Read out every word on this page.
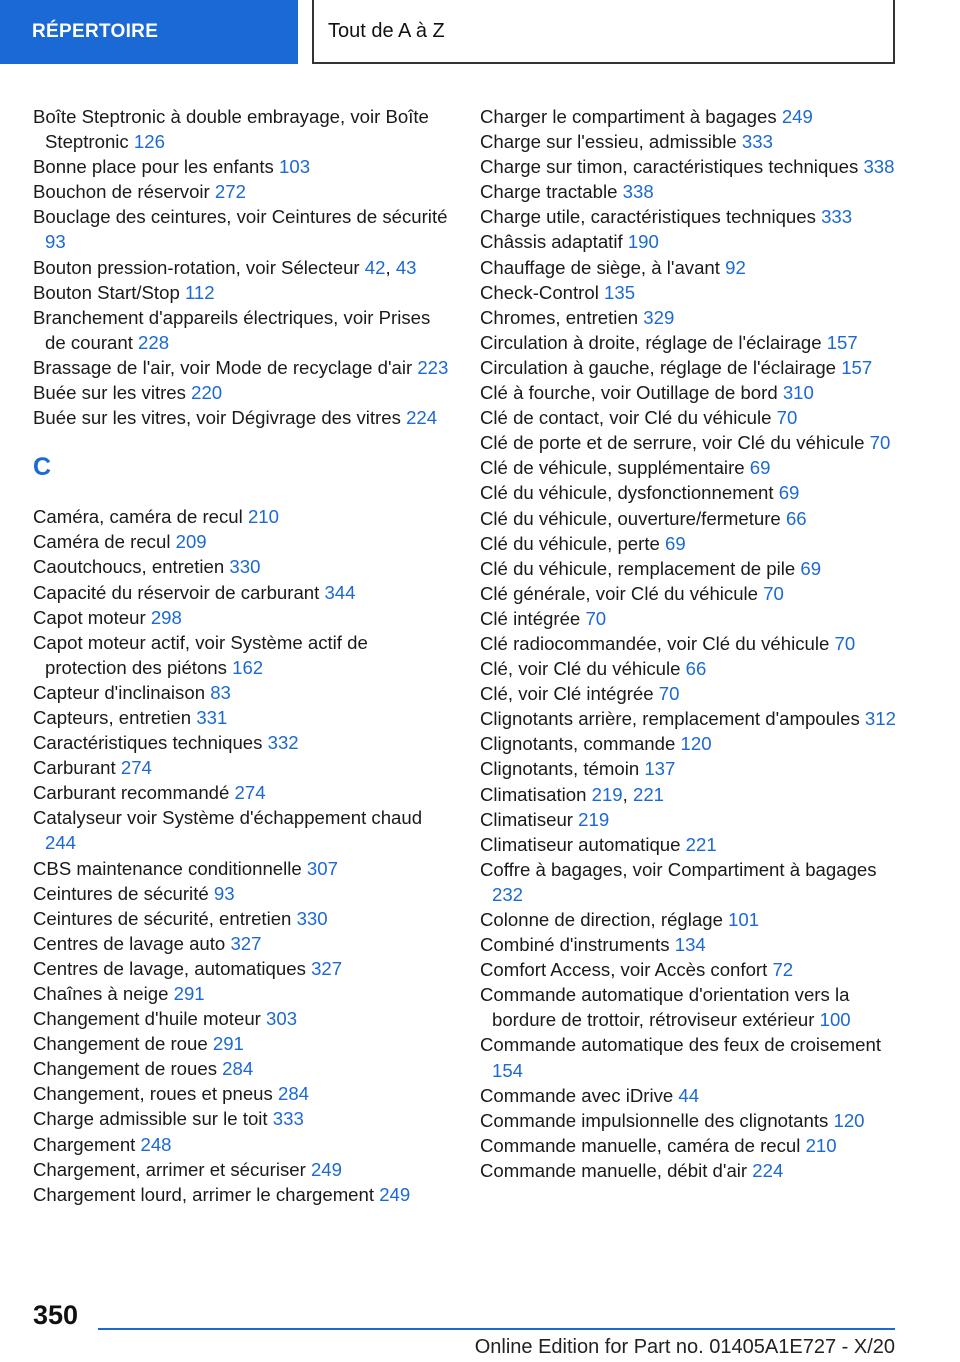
RÉPERTOIRE	Tout de A à Z
Boîte Steptronic à double embrayage, voir Boîte Steptronic 126
Bonne place pour les enfants 103
Bouchon de réservoir 272
Bouclage des ceintures, voir Ceintures de sécurité 93
Bouton pression-rotation, voir Sélecteur 42, 43
Bouton Start/Stop 112
Branchement d'appareils électriques, voir Prises de courant 228
Brassage de l'air, voir Mode de recyclage d'air 223
Buée sur les vitres 220
Buée sur les vitres, voir Dégivrage des vitres 224
C
Caméra, caméra de recul 210
Caméra de recul 209
Caoutchoucs, entretien 330
Capacité du réservoir de carburant 344
Capot moteur 298
Capot moteur actif, voir Système actif de protection des piétons 162
Capteur d'inclinaison 83
Capteurs, entretien 331
Caractéristiques techniques 332
Carburant 274
Carburant recommandé 274
Catalyseur voir Système d'échappement chaud 244
CBS maintenance conditionnelle 307
Ceintures de sécurité 93
Ceintures de sécurité, entretien 330
Centres de lavage auto 327
Centres de lavage, automatiques 327
Chaînes à neige 291
Changement d'huile moteur 303
Changement de roue 291
Changement de roues 284
Changement, roues et pneus 284
Charge admissible sur le toit 333
Chargement 248
Chargement, arrimer et sécuriser 249
Chargement lourd, arrimer le chargement 249
Charger le compartiment à bagages 249
Charge sur l'essieu, admissible 333
Charge sur timon, caractéristiques techniques 338
Charge tractable 338
Charge utile, caractéristiques techniques 333
Châssis adaptatif 190
Chauffage de siège, à l'avant 92
Check-Control 135
Chromes, entretien 329
Circulation à droite, réglage de l'éclairage 157
Circulation à gauche, réglage de l'éclairage 157
Clé à fourche, voir Outillage de bord 310
Clé de contact, voir Clé du véhicule 70
Clé de porte et de serrure, voir Clé du véhicule 70
Clé de véhicule, supplémentaire 69
Clé du véhicule, dysfonctionnement 69
Clé du véhicule, ouverture/fermeture 66
Clé du véhicule, perte 69
Clé du véhicule, remplacement de pile 69
Clé générale, voir Clé du véhicule 70
Clé intégrée 70
Clé radiocommandée, voir Clé du véhicule 70
Clé, voir Clé du véhicule 66
Clé, voir Clé intégrée 70
Clignotants arrière, remplacement d'ampoules 312
Clignotants, commande 120
Clignotants, témoin 137
Climatisation 219, 221
Climatiseur 219
Climatiseur automatique 221
Coffre à bagages, voir Compartiment à bagages 232
Colonne de direction, réglage 101
Combiné d'instruments 134
Comfort Access, voir Accès confort 72
Commande automatique d'orientation vers la bordure de trottoir, rétroviseur extérieur 100
Commande automatique des feux de croisement 154
Commande avec iDrive 44
Commande impulsionnelle des clignotants 120
Commande manuelle, caméra de recul 210
Commande manuelle, débit d'air 224
350
Online Edition for Part no. 01405A1E727 - X/20
